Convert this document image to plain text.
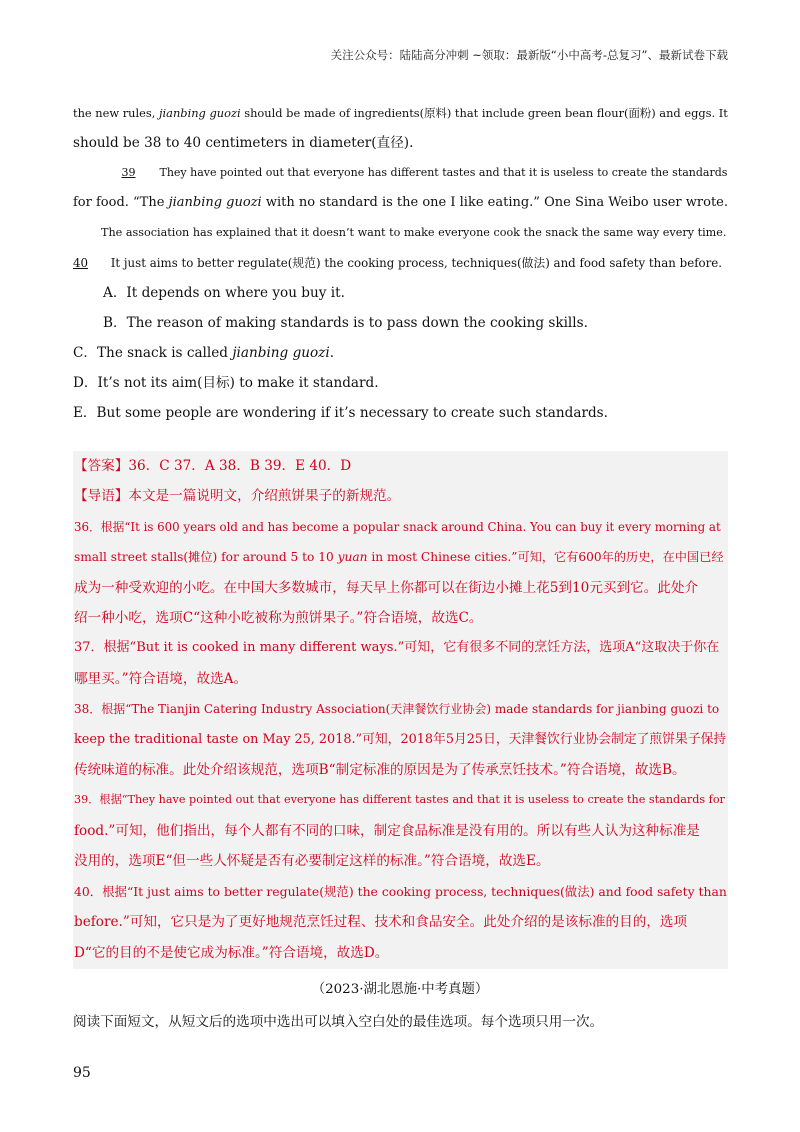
关注公众号：陆陆高分冲刺 ~领取：最新版“小中高考-总复习”、最新试卷下载

the new rules, jianbing guozi should be made of ingredients(原料) that include green bean flour(面粉) and eggs. It

should be 38 to 40 centimeters in diameter(直径).

39 They have pointed out that everyone has different tastes and that it is useless to create the standards

for food. “The jianbing guozi with no standard is the one I like eating.” One Sina Weibo user wrote.

The association has explained that it doesn’t want to make everyone cook the snack the same way every time.

40 It just aims to better regulate(规范) the cooking process, techniques(做法) and food safety than before.

A．It depends on where you buy it.

B．The reason of making standards is to pass down the cooking skills.

C．The snack is called jianbing guozi.

D．It’s not its aim(目标) to make it standard.

E．But some people are wondering if it’s necessary to create such standards.

【答案】36．C 37．A 38．B 39．E 40．D

【导语】本文是一篇说明文，介绍煎饼果子的新规范。

36．根据“It is 600 years old and has become a popular snack around China. You can buy it every morning at

small street stalls(摊位) for around 5 to 10 yuan in most Chinese cities.”可知，它有600年的历史，在中国已经

成为一种受欢迎的小吃。在中国大多数城市，每天早上你都可以在街边小摊上花5到10元买到它。此处介

绍一种小吃，选项C“这种小吃被称为煎饼果子。”符合语境，故选C。

37．根据“But it is cooked in many different ways.”可知，它有很多不同的烹饪方法，选项A“这取决于你在

哪里买。”符合语境，故选A。

38．根据“The Tianjin Catering Industry Association(天津餐饮行业协会) made standards for jianbing guozi to

keep the traditional taste on May 25, 2018.”可知，2018年5月25日，天津餐饮行业协会制定了煎饼果子保持

传统味道的标准。此处介绍该规范，选项B“制定标准的原因是为了传承烹饪技术。”符合语境，故选B。

39．根据“They have pointed out that everyone has different tastes and that it is useless to create the standards for

food.”可知，他们指出，每个人都有不同的口味，制定食品标准是没有用的。所以有些人认为这种标准是

没用的，选项E“但一些人怀疑是否有必要制定这样的标准。”符合语境，故选E。

40．根据“It just aims to better regulate(规范) the cooking process, techniques(做法) and food safety than

before.”可知，它只是为了更好地规范烹饪过程、技术和食品安全。此处介绍的是该标准的目的，选项

D“它的目的不是使它成为标准。”符合语境，故选D。

（2023·湖北恩施·中考真题）
阅读下面短文，从短文后的选项中选出可以填入空白处的最佳选项。每个选项只用一次。
95
